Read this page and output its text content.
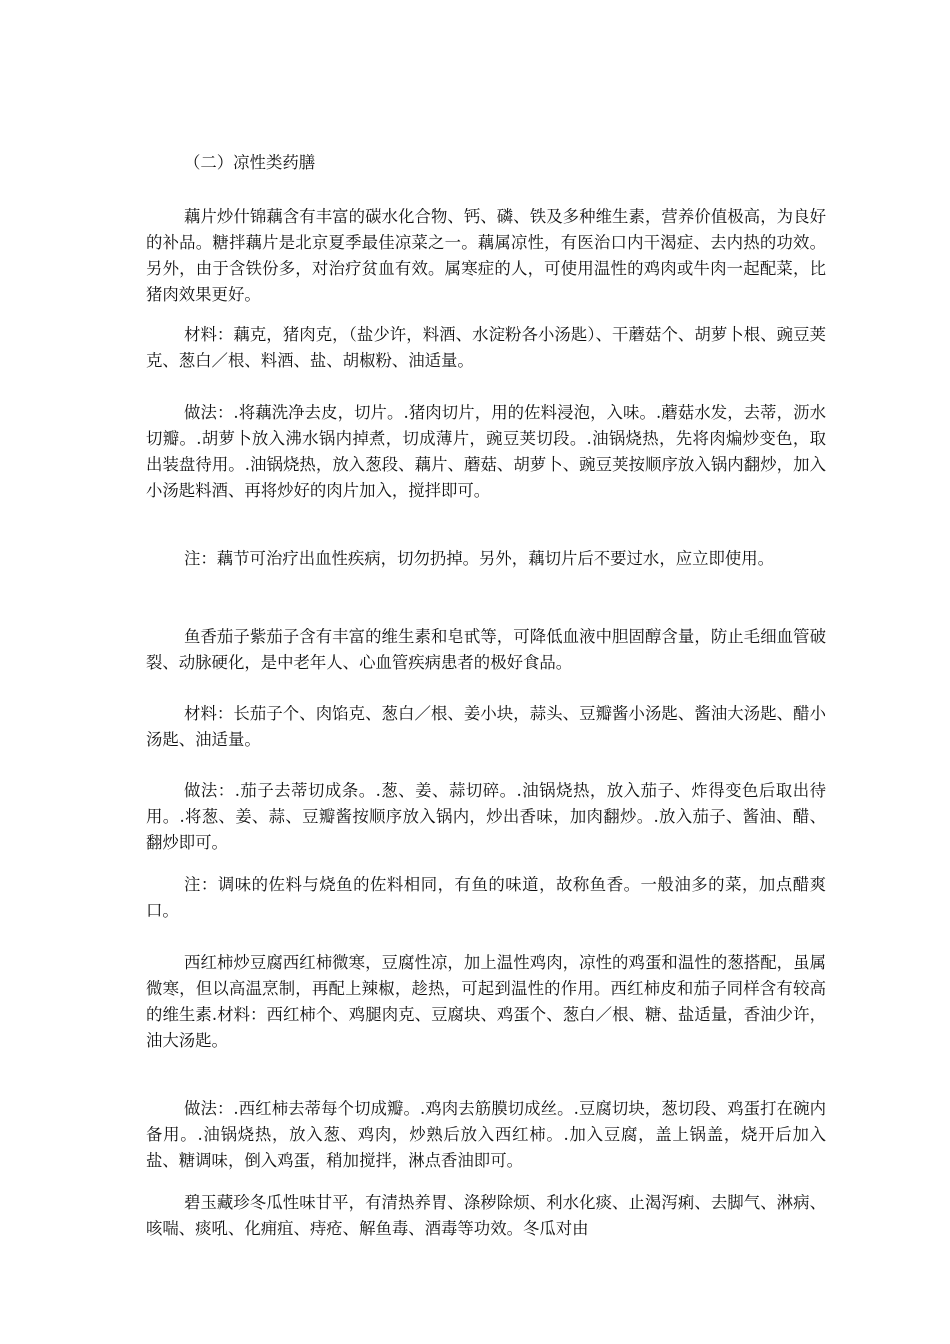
（二）凉性类药膳

藕片炒什锦藕含有丰富的碳水化合物、钙、磷、铁及多种维生素，营养价值极高，为良好的补品。糖拌藕片是北京夏季最佳凉菜之一。藕属凉性，有医治口内干渴症、去内热的功效。另外，由于含铁份多，对治疗贫血有效。属寒症的人，可使用温性的鸡肉或牛肉一起配菜，比猪肉效果更好。

材料：藕克，猪肉克，（盐少许，料酒、水淀粉各小汤匙）、干蘑菇个、胡萝卜根、豌豆荚克、葱白／根、料酒、盐、胡椒粉、油适量。

做法：.将藕洗净去皮，切片。.猪肉切片，用的佐料浸泡，入味。.蘑菇水发，去蒂，沥水切瓣。.胡萝卜放入沸水锅内掉煮，切成薄片，豌豆荚切段。.油锅烧热，先将肉煸炒变色，取出装盘待用。.油锅烧热，放入葱段、藕片、蘑菇、胡萝卜、豌豆荚按顺序放入锅内翻炒，加入小汤匙料酒、再将炒好的肉片加入，搅拌即可。

注：藕节可治疗出血性疾病，切勿扔掉。另外，藕切片后不要过水，应立即使用。

鱼香茄子紫茄子含有丰富的维生素和皂甙等，可降低血液中胆固醇含量，防止毛细血管破裂、动脉硬化，是中老年人、心血管疾病患者的极好食品。

材料：长茄子个、肉馅克、葱白／根、姜小块，蒜头、豆瓣酱小汤匙、酱油大汤匙、醋小汤匙、油适量。

做法：.茄子去蒂切成条。.葱、姜、蒜切碎。.油锅烧热，放入茄子、炸得变色后取出待用。.将葱、姜、蒜、豆瓣酱按顺序放入锅内，炒出香味，加肉翻炒。.放入茄子、酱油、醋、翻炒即可。

注：调味的佐料与烧鱼的佐料相同，有鱼的味道，故称鱼香。一般油多的菜，加点醋爽口。

西红柿炒豆腐西红柿微寒，豆腐性凉，加上温性鸡肉，凉性的鸡蛋和温性的葱搭配，虽属微寒，但以高温烹制，再配上辣椒，趁热，可起到温性的作用。西红柿皮和茄子同样含有较高的维生素.材料：西红柿个、鸡腿肉克、豆腐块、鸡蛋个、葱白／根、糖、盐适量，香油少许，油大汤匙。

做法：.西红柿去蒂每个切成瓣。.鸡肉去筋膜切成丝。.豆腐切块，葱切段、鸡蛋打在碗内备用。.油锅烧热，放入葱、鸡肉，炒熟后放入西红柿。.加入豆腐，盖上锅盖，烧开后加入盐、糖调味，倒入鸡蛋，稍加搅拌，淋点香油即可。

碧玉藏珍冬瓜性味甘平，有清热养胃、涤秽除烦、利水化痰、止渴泻痢、去脚气、淋病、咳喘、痰吼、化痈疽、痔疮、解鱼毒、酒毒等功效。冬瓜对由
